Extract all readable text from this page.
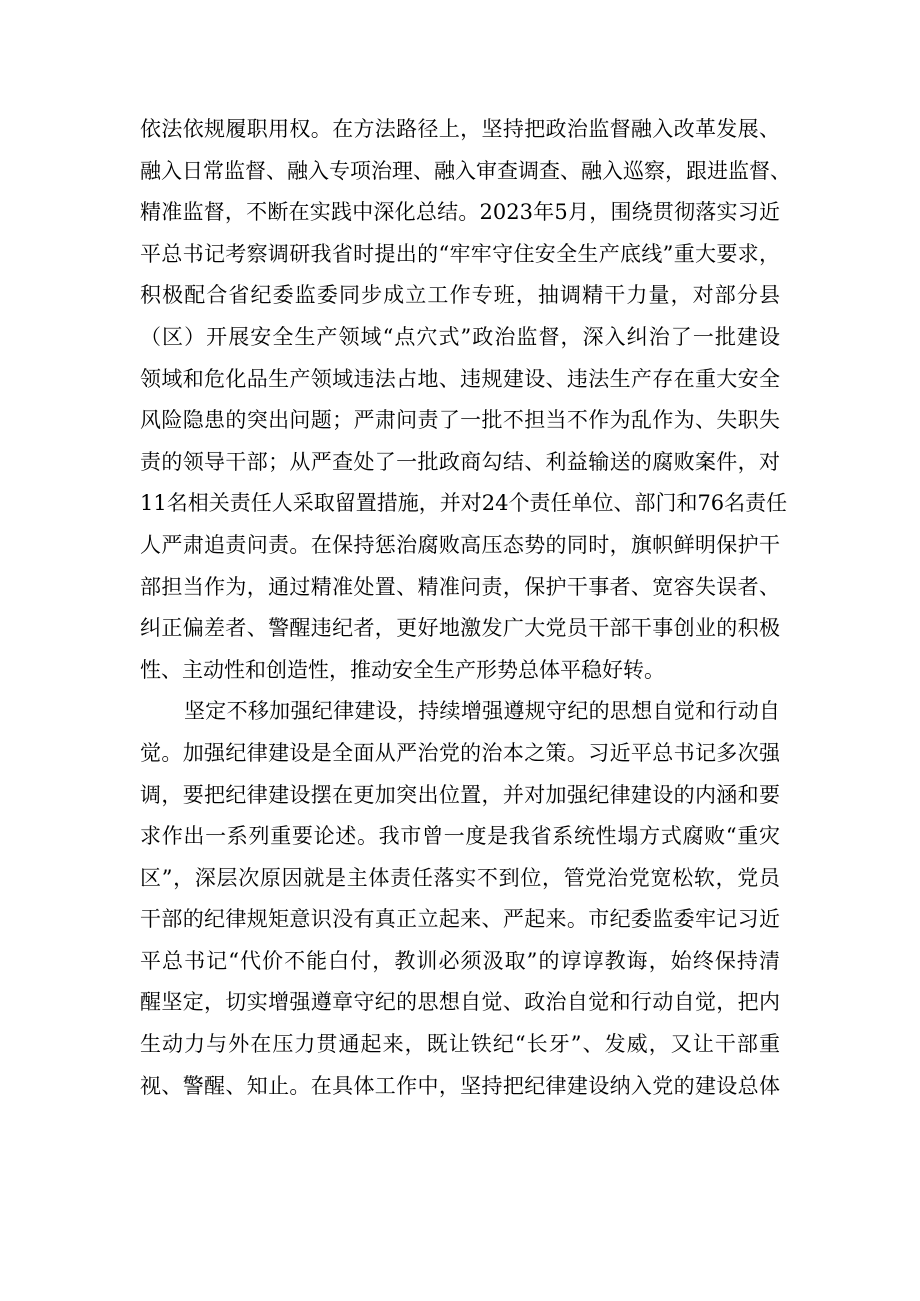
依法依规履职用权。在方法路径上，坚持把政治监督融入改革发展、
融入日常监督、融入专项治理、融入审查调查、融入巡察，跟进监督、
精准监督，不断在实践中深化总结。2023年5月，围绕贯彻落实习近
平总书记考察调研我省时提出的“牢牢守住安全生产底线”重大要求，
积极配合省纪委监委同步成立工作专班，抽调精干力量，对部分县
（区）开展安全生产领域“点穴式”政治监督，深入纠治了一批建设
领域和危化品生产领域违法占地、违规建设、违法生产存在重大安全
风险隐患的突出问题；严肃问责了一批不担当不作为乱作为、失职失
责的领导干部；从严查处了一批政商勾结、利益输送的腐败案件，对
11名相关责任人采取留置措施，并对24个责任单位、部门和76名责任
人严肃追责问责。在保持惩治腐败高压态势的同时，旗帜鲜明保护干
部担当作为，通过精准处置、精准问责，保护干事者、宽容失误者、
纠正偏差者、警醒违纪者，更好地激发广大党员干部干事创业的积极
性、主动性和创造性，推动安全生产形势总体平稳好转。
坚定不移加强纪律建设，持续增强遵规守纪的思想自觉和行动自
觉。加强纪律建设是全面从严治党的治本之策。习近平总书记多次强
调，要把纪律建设摆在更加突出位置，并对加强纪律建设的内涵和要
求作出一系列重要论述。我市曾一度是我省系统性塌方式腐败“重灾
区”，深层次原因就是主体责任落实不到位，管党治党宽松软，党员
干部的纪律规矩意识没有真正立起来、严起来。市纪委监委牢记习近
平总书记“代价不能白付，教训必须汲取”的谆谆教诲，始终保持清
醒坚定，切实增强遵章守纪的思想自觉、政治自觉和行动自觉，把内
生动力与外在压力贯通起来，既让铁纪“长牙”、发威，又让干部重
视、警醒、知止。在具体工作中，坚持把纪律建设纳入党的建设总体
